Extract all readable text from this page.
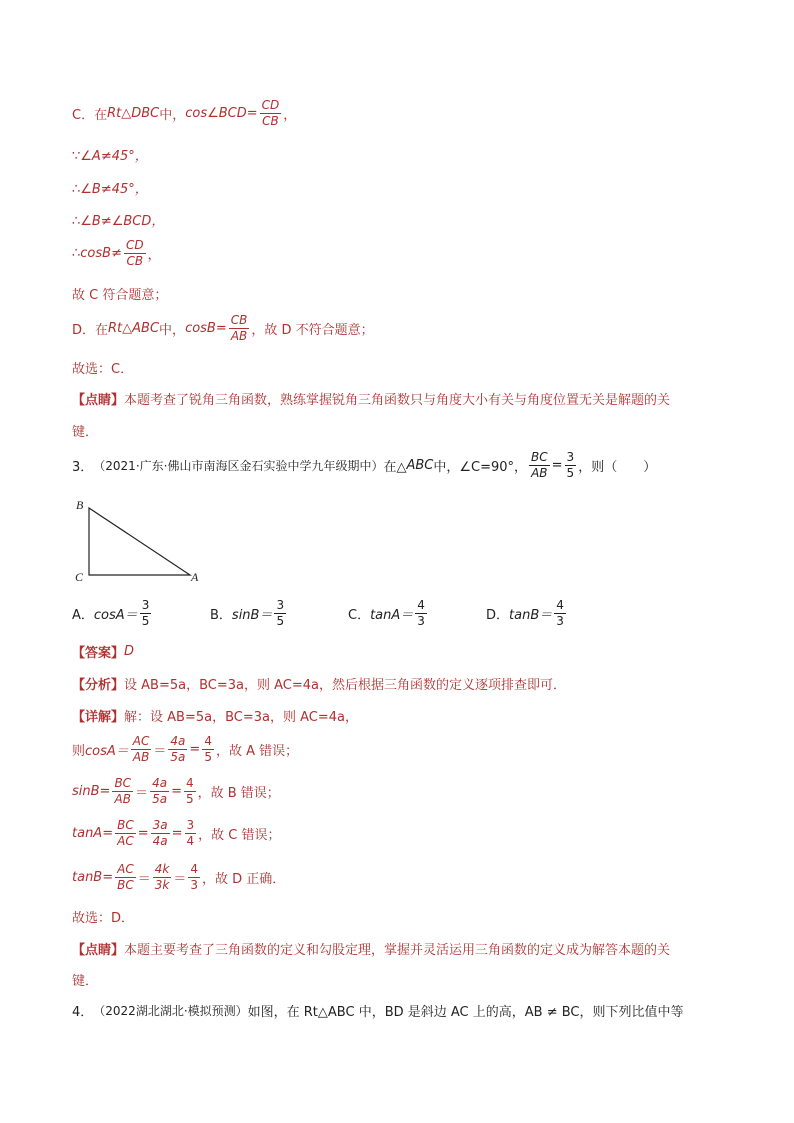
C．在 Rt△DBC 中， cos∠BCD= $\frac{CD}{CB}$ ，
∵∠A≠45°，
∴∠B≠45°，
∴∠B≠∠BCD，
∴cosB≠ $\frac{CD}{CB}$ ，
故 C 符合题意；
D．在 Rt△ABC 中， $\cos B= \frac{CB}{AB}$ ，故 D 不符合题意；
故选：C．
【点睛】 本题考查了锐角三角函数，熟练掌握锐角三角函数只与角度大小有关与角度位置无关是解题的关
键．
3． （2021·广东·佛山市南海区金石实验中学九年级期中） 在△ ABC 中，∠C=90°， $\frac{BC}{AB} = \frac{3}{5}$ ，则（　　）
B
C	A
A． $\cos A= \frac{3}{5}$	B． $\sin B= \frac{3}{5}$	C． $\tan A= \frac{4}{3}$	D． $\tan B= \frac{4}{3}$
【答案】 D
【分析】 设 AB=5a，BC=3a，则 AC=4a，然后根据三角函数的定义逐项排查即可．
【详解】 解：设 AB=5a，BC=3a，则 AC=4a，
则 $\cos A= \frac{AC}{AB} = \frac{4a}{5a} = \frac{4}{5}$ ，故 A 错误；
$\sin B= \frac{BC}{AB} = \frac{4a}{5a} = \frac{4}{5}$ ，故 B 错误；
$\tan A= \frac{BC}{AC} = \frac{3a}{4a} = \frac{3}{4}$ ，故 C 错误；
$\tan B= \frac{AC}{BC} = \frac{4k}{3k} = \frac{4}{3}$ ，故 D 正确．
故选：D．
【点睛】 本题主要考查了三角函数的定义和勾股定理，掌握并灵活运用三角函数的定义成为解答本题的关
键．
4． （2022湖北湖北·模拟预测） 如图，在 Rt△ABC 中，BD 是斜边 AC 上的高，AB ≠ BC，则下列比值中等
